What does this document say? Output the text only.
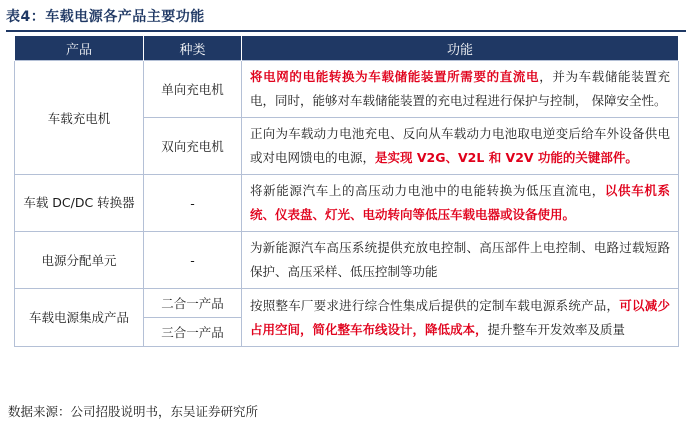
表4：车载电源各产品主要功能
产品	种类	功能
车载充电机	单向充电机	将电网的电能转换为车载储能装置所需要的直流电，并为车载储能装置充电，同时，能够对车载储能装置的充电过程进行保护与控制， 保障安全性。
	双向充电机	正向为车载动力电池充电、反向从车载动力电池取电逆变后给车外设备供电或对电网馈电的电源，是实现 V2G、V2L 和 V2V 功能的关键部件。
车载 DC/DC 转换器	-	将新能源汽车上的高压动力电池中的电能转换为低压直流电，以供车机系统、仪表盘、灯光、电动转向等低压车载电器或设备使用。
电源分配单元	-	为新能源汽车高压系统提供充放电控制、高压部件上电控制、电路过载短路保护、高压采样、低压控制等功能
车载电源集成产品	二合一产品	按照整车厂要求进行综合性集成后提供的定制车载电源系统产品，可以减少占用空间，简化整车布线设计，降低成本，提升整车开发效率及质量
	三合一产品	
数据来源：公司招股说明书，东吴证券研究所
